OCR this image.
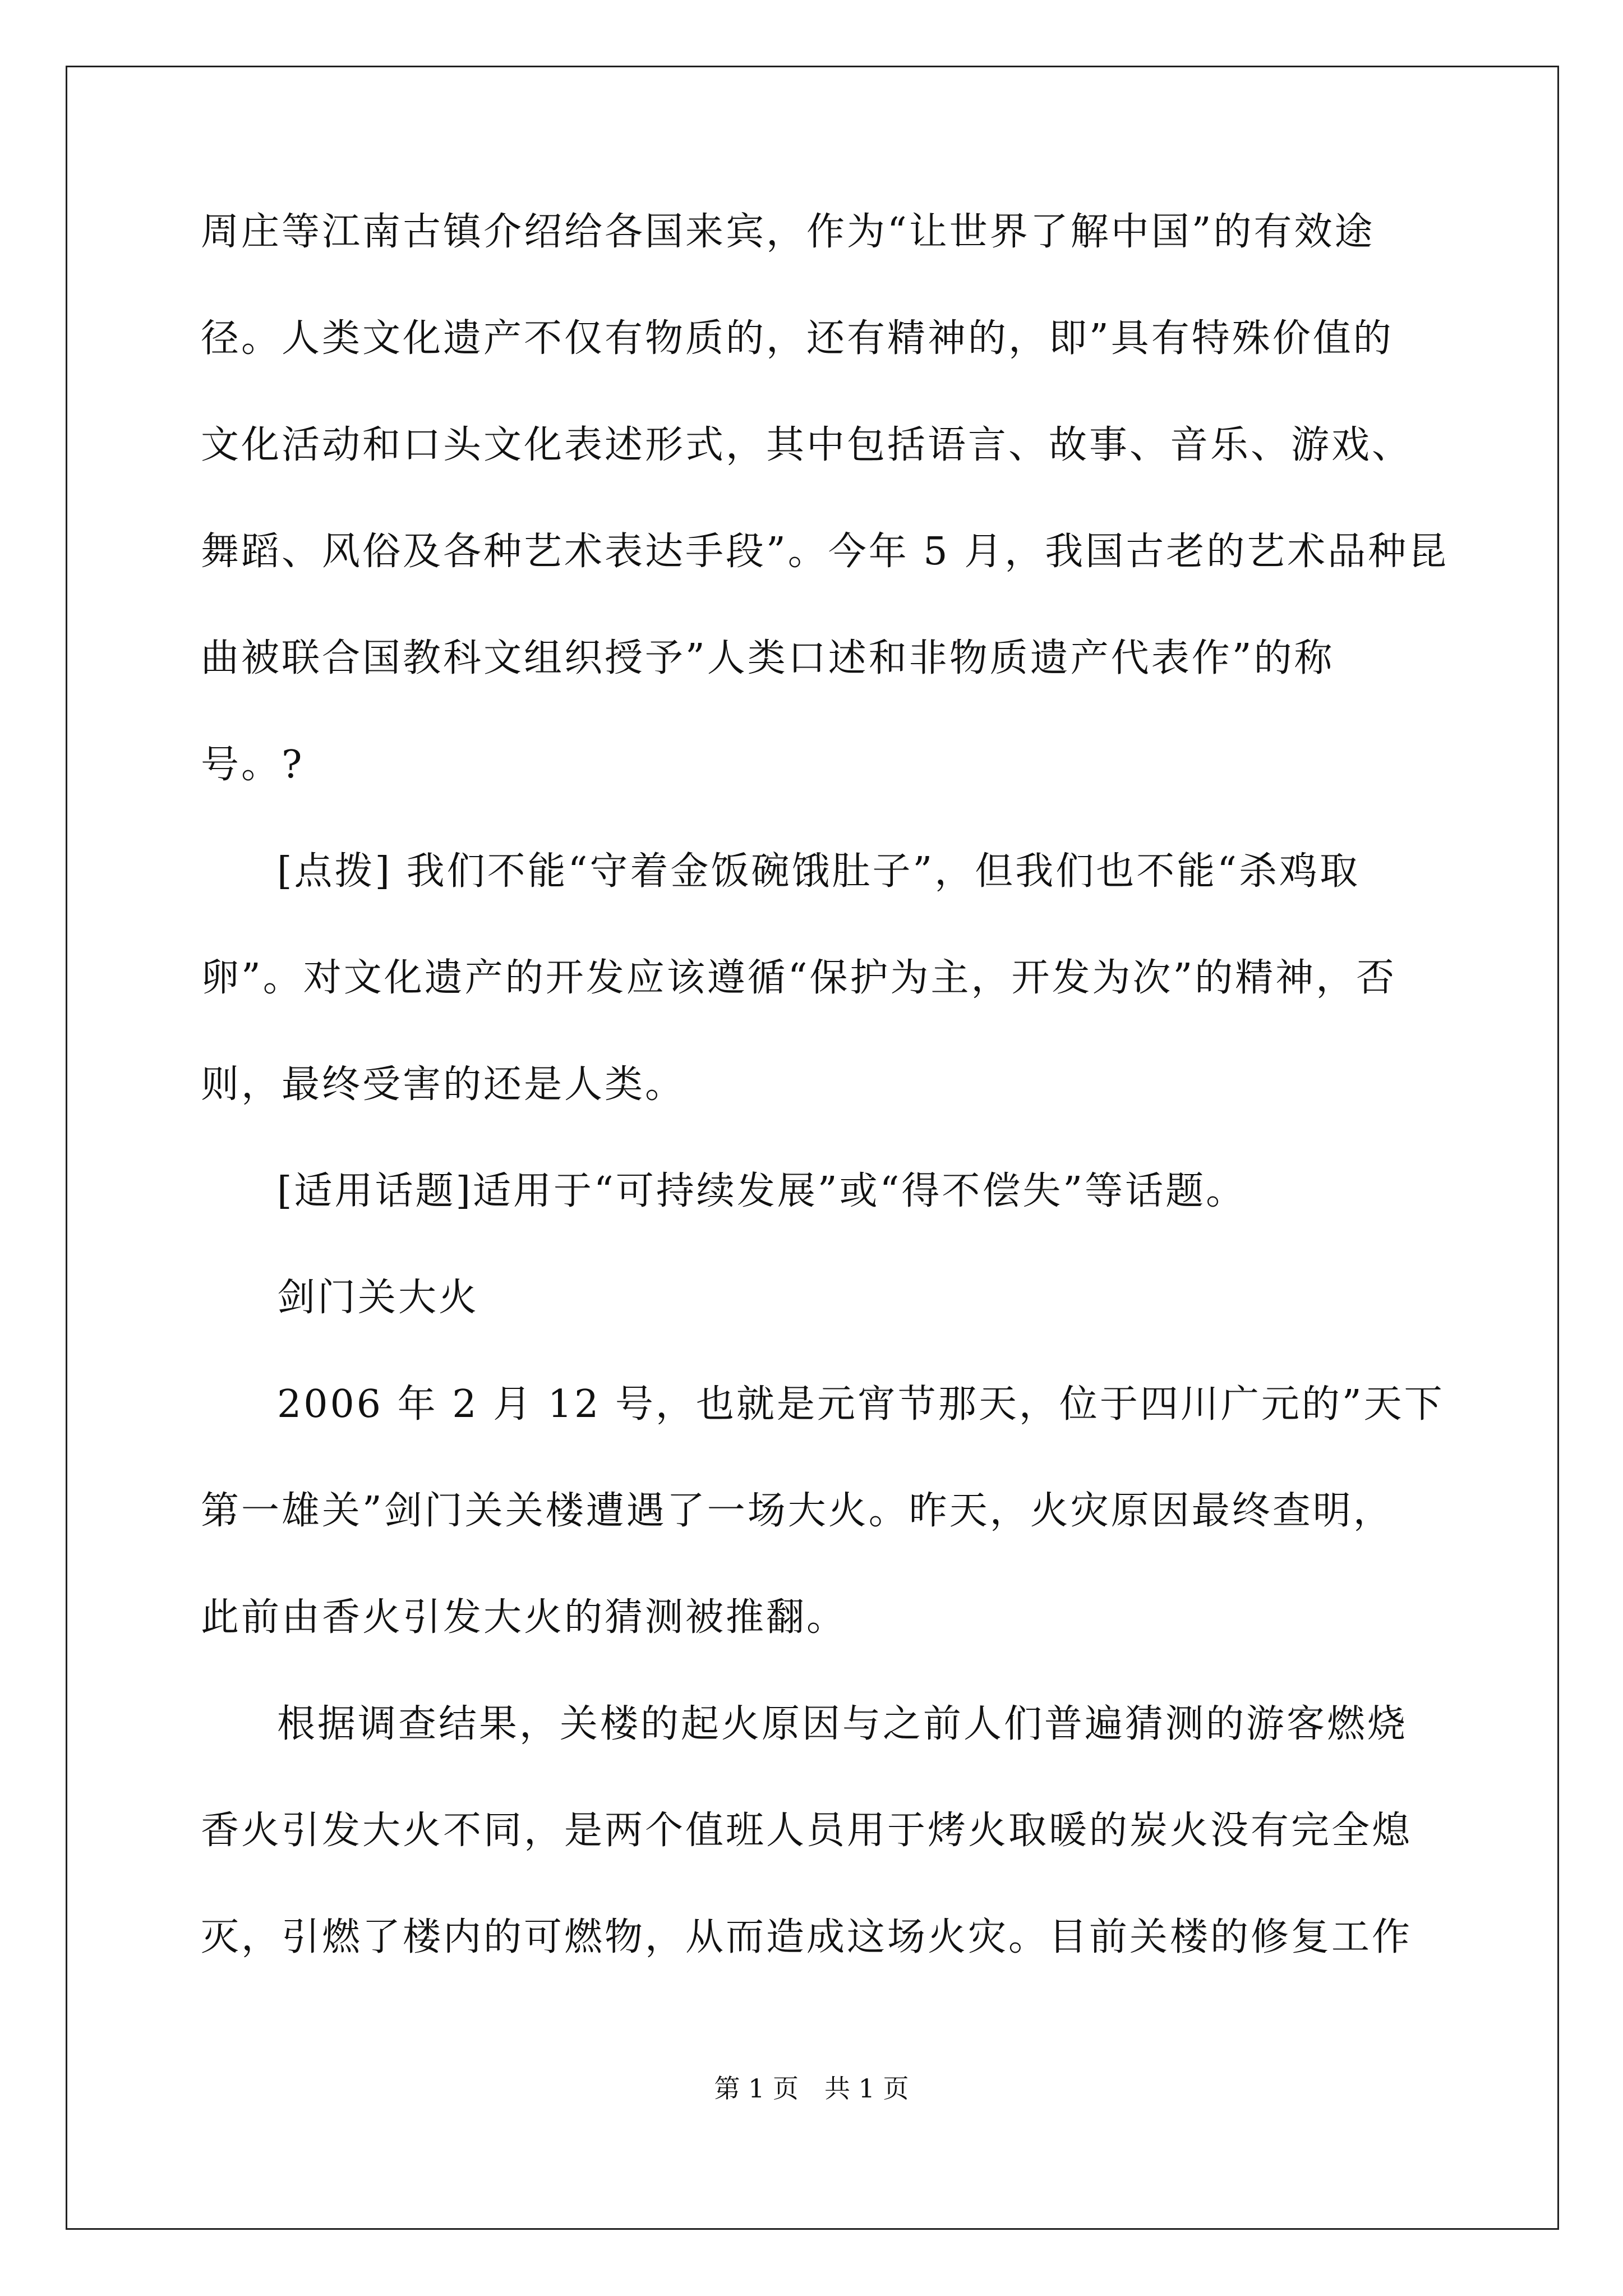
周庄等江南古镇介绍给各国来宾，作为“让世界了解中国”的有效途
径。人类文化遗产不仅有物质的，还有精神的，即”具有特殊价值的
文化活动和口头文化表述形式，其中包括语言、故事、音乐、游戏、
舞蹈、风俗及各种艺术表达手段”。今年 5 月，我国古老的艺术品种昆
曲被联合国教科文组织授予”人类口述和非物质遗产代表作”的称
号。?
[点拨] 我们不能“守着金饭碗饿肚子”，但我们也不能“杀鸡取
卵”。对文化遗产的开发应该遵循“保护为主，开发为次”的精神，否
则，最终受害的还是人类。
[适用话题]适用于“可持续发展”或“得不偿失”等话题。
剑门关大火
2006 年 2 月 12 号，也就是元宵节那天，位于四川广元的”天下
第一雄关”剑门关关楼遭遇了一场大火。昨天，火灾原因最终查明，
此前由香火引发大火的猜测被推翻。
根据调查结果，关楼的起火原因与之前人们普遍猜测的游客燃烧
香火引发大火不同，是两个值班人员用于烤火取暖的炭火没有完全熄
灭，引燃了楼内的可燃物，从而造成这场火灾。目前关楼的修复工作
第 1 页　共 1 页
